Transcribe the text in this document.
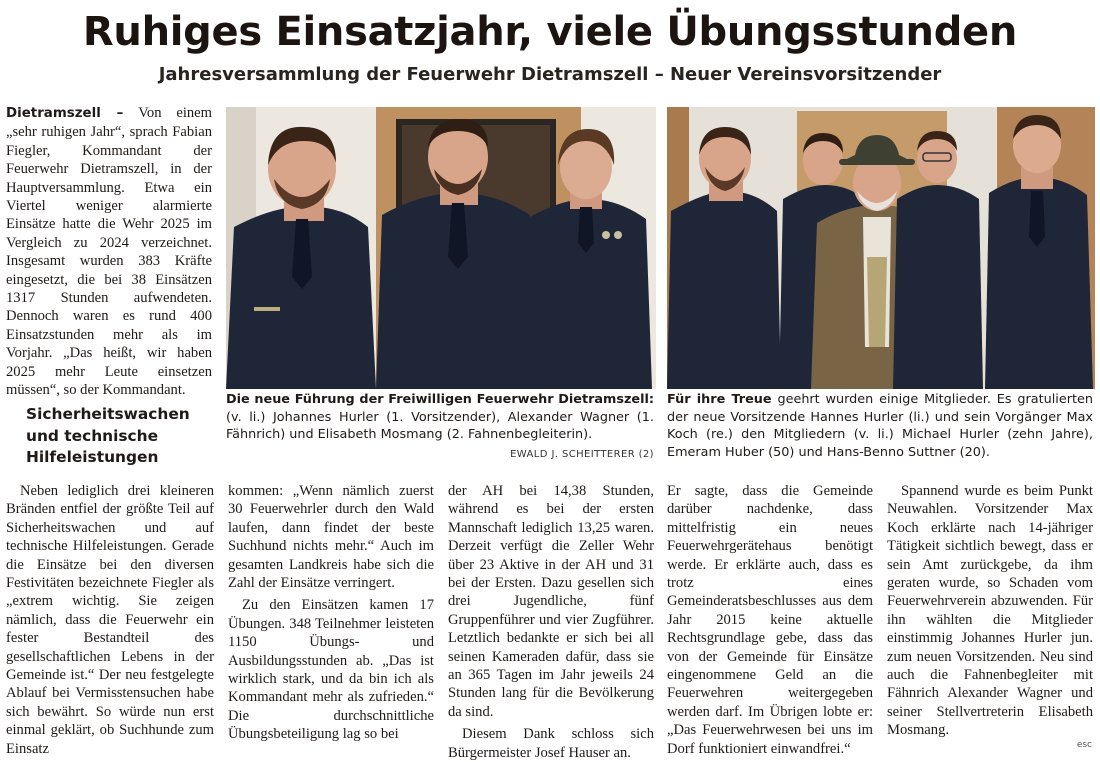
Ruhiges Einsatzjahr, viele Übungsstunden
Jahresversammlung der Feuerwehr Dietramszell – Neuer Vereinsvorsitzender

Dietramszell – Von einem „sehr ruhigen Jahr“, sprach Fabian Fiegler, Kommandant der Feuerwehr Dietramszell, in der Hauptversammlung. Etwa ein Viertel weniger alarmierte Einsätze hatte die Wehr 2025 im Vergleich zu 2024 verzeichnet. Insgesamt wurden 383 Kräfte eingesetzt, die bei 38 Einsätzen 1317 Stunden aufwendeten. Dennoch waren es rund 400 Einsatzstunden mehr als im Vorjahr. „Das heißt, wir haben 2025 mehr Leute einsetzen müssen“, so der Kommandant.

Sicherheitswachen und technische Hilfeleistungen

Die neue Führung der Freiwilligen Feuerwehr Dietramszell: (v. li.) Johannes Hurler (1. Vorsitzender), Alexander Wagner (1. Fähnrich) und Elisabeth Mosmang (2. Fahnenbegleiterin).

EWALD J. SCHEITTERER (2)

Für ihre Treue geehrt wurden einige Mitglieder. Es gratulierten der neue Vorsitzende Hannes Hurler (li.) und sein Vorgänger Max Koch (re.) den Mitgliedern (v. li.) Michael Hurler (zehn Jahre), Emeram Huber (50) und Hans-Benno Suttner (20).

Neben lediglich drei kleineren Bränden entfiel der größte Teil auf Sicherheitswachen und auf technische Hilfeleistungen. Gerade die Einsätze bei den diversen Festivitäten bezeichnete Fiegler als „extrem wichtig. Sie zeigen nämlich, dass die Feuerwehr ein fester Bestandteil des gesellschaftlichen Lebens in der Gemeinde ist.“ Der neu festgelegte Ablauf bei Vermisstensuchen habe sich bewährt. So würde nun erst einmal geklärt, ob Suchhunde zum Einsatz

kommen: „Wenn nämlich zuerst 30 Feuerwehrler durch den Wald laufen, dann findet der beste Suchhund nichts mehr.“ Auch im gesamten Landkreis habe sich die Zahl der Einsätze verringert.

Zu den Einsätzen kamen 17 Übungen. 348 Teilnehmer leisteten 1150 Übungs- und Ausbildungsstunden ab. „Das ist wirklich stark, und da bin ich als Kommandant mehr als zufrieden.“ Die durchschnittliche Übungsbeteiligung lag so bei

der AH bei 14,38 Stunden, während es bei der ersten Mannschaft lediglich 13,25 waren. Derzeit verfügt die Zeller Wehr über 23 Aktive in der AH und 31 bei der Ersten. Dazu gesellen sich drei Jugendliche, fünf Gruppenführer und vier Zugführer. Letztlich bedankte er sich bei all seinen Kameraden dafür, dass sie an 365 Tagen im Jahr jeweils 24 Stunden lang für die Bevölkerung da sind.

Diesem Dank schloss sich Bürgermeister Josef Hauser an.

Er sagte, dass die Gemeinde darüber nachdenke, dass mittelfristig ein neues Feuerwehrgerätehaus benötigt werde. Er erklärte auch, dass es trotz eines Gemeinderatsbeschlusses aus dem Jahr 2015 keine aktuelle Rechtsgrundlage gebe, dass das von der Gemeinde für Einsätze eingenommene Geld an die Feuerwehren weitergegeben werden darf. Im Übrigen lobte er: „Das Feuerwehrwesen bei uns im Dorf funktioniert einwandfrei.“

Spannend wurde es beim Punkt Neuwahlen. Vorsitzender Max Koch erklärte nach 14-jähriger Tätigkeit sichtlich bewegt, dass er sein Amt zurückgebe, da ihm geraten wurde, so Schaden vom Feuerwehrverein abzuwenden. Für ihn wählten die Mitglieder einstimmig Johannes Hurler jun. zum neuen Vorsitzenden. Neu sind auch die Fahnenbegleiter mit Fähnrich Alexander Wagner und seiner Stellvertreterin Elisabeth Mosmang.

esc
